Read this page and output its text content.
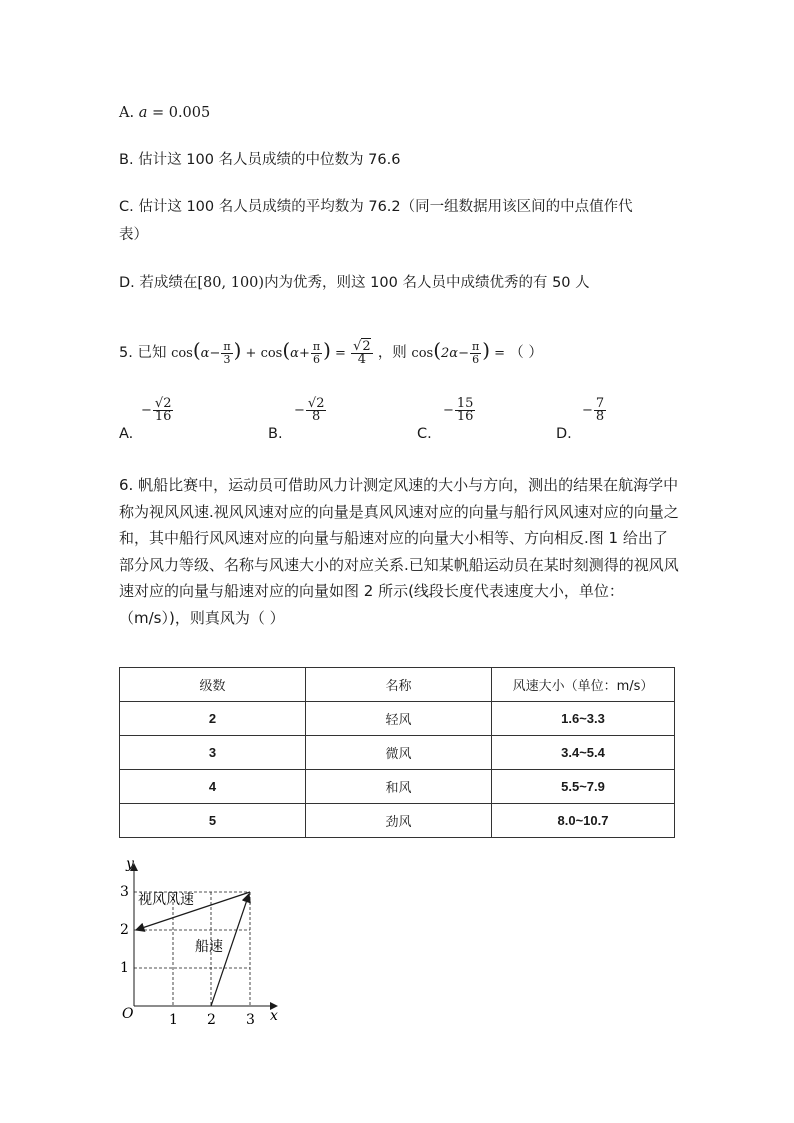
A. a = 0.005
B. 估计这 100 名人员成绩的中位数为 76.6
C. 估计这 100 名人员成绩的平均数为 76.2（同一组数据用该区间的中点值作代
表）
D. 若成绩在[80, 100)内为优秀，则这 100 名人员中成绩优秀的有 50 人
5. 已知 $\cos(\alpha- \frac{\pi}{3}$ ) + $\cos(\alpha+ \frac{\pi}{6}$ ) = $\frac{√2}{4}$ ，则 $\cos(2\alpha- \frac{\pi}{6}$ ) = （ ）
A.
− $\frac{√2}{16}$
B.
− $\frac{√2}{8}$
C.
− $\frac{15}{16}$
D.
− $\frac{7}{8}$
6. 帆船比赛中，运动员可借助风力计测定风速的大小与方向，测出的结果在航海学中称为视风风速.视风风速对应的向量是真风风速对应的向量与船行风风速对应的向量之和，其中船行风风速对应的向量与船速对应的向量大小相等、方向相反.图 1 给出了部分风力等级、名称与风速大小的对应关系.已知某帆船运动员在某时刻测得的视风风速对应的向量与船速对应的向量如图 2 所示(线段长度代表速度大小，单位：（m/s）)，则真风为（ ）
级数	名称	风速大小（单位：m/s）
2	轻风	1.6~3.3
3	微风	3.4~5.4
4	和风	5.5~7.9
5	劲风	8.0~10.7
y
x
O	1 2 3
1
2
3 视风风速
船速
